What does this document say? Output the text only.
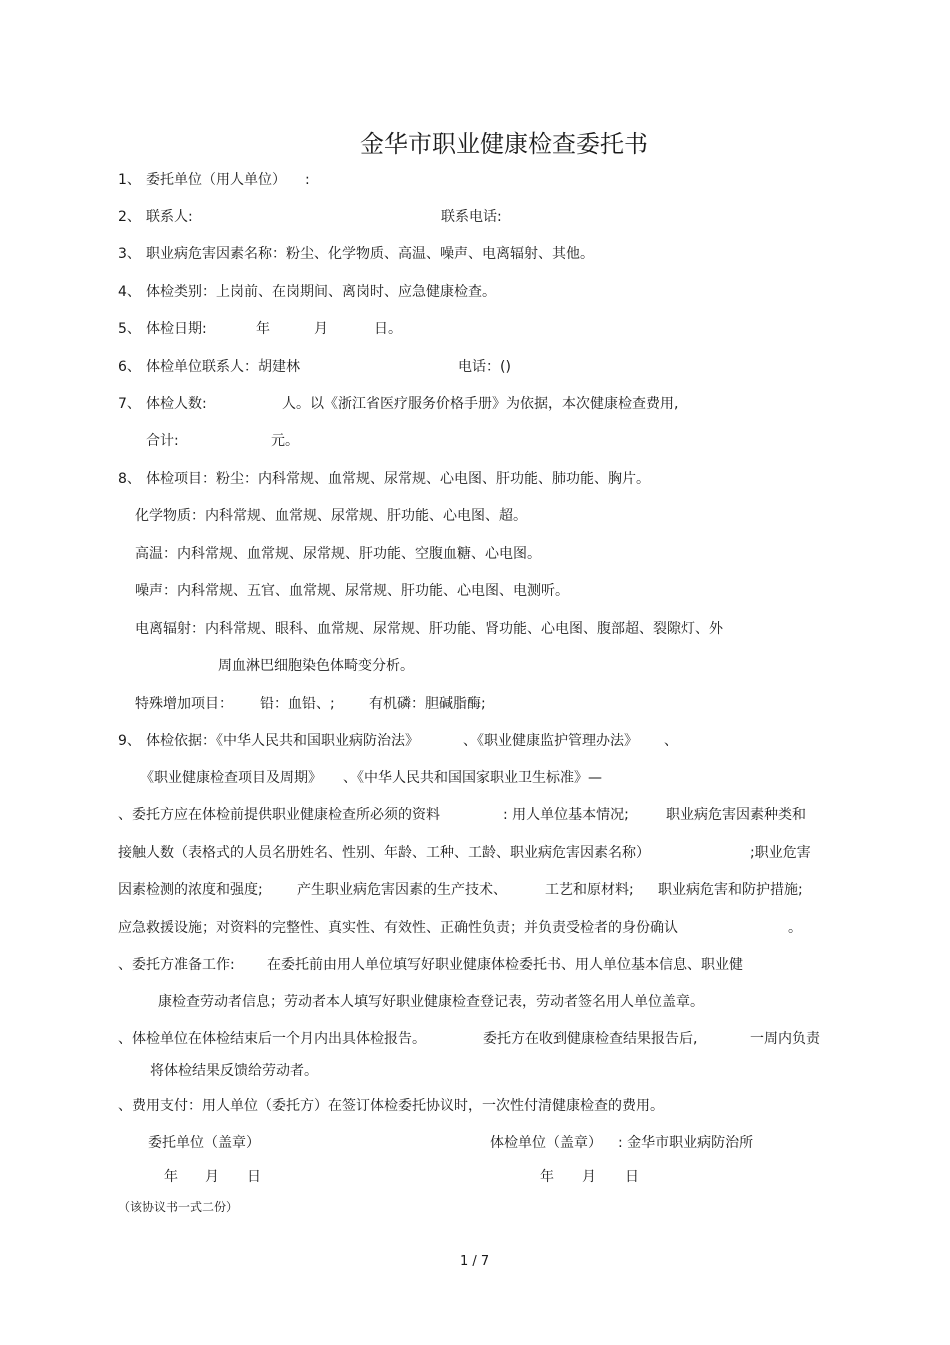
金华市职业健康检查委托书
1、 委托单位（用人单位） :
2、 联系人:	联系电话:
3、 职业病危害因素名称：粉尘、化学物质、高温、噪声、电离辐射、其他。
4、 体检类别：上岗前、在岗期间、离岗时、应急健康检查。
5、 体检日期:	年	月	日。
6、 体检单位联系人：胡建林	电话：()
7、 体检人数:	人。以《浙江省医疗服务价格手册》为依据，本次健康检查费用,
合计:	元。
8、 体检项目：粉尘：内科常规、血常规、尿常规、心电图、肝功能、肺功能、胸片。
化学物质：内科常规、血常规、尿常规、肝功能、心电图、超。
高温：内科常规、血常规、尿常规、肝功能、空腹血糖、心电图。
噪声：内科常规、五官、血常规、尿常规、肝功能、心电图、电测听。
电离辐射：内科常规、眼科、血常规、尿常规、肝功能、肾功能、心电图、腹部超、裂隙灯、外
周血淋巴细胞染色体畸变分析。
特殊增加项目： 铅：血铅、; 有机磷：胆碱脂酶;
9、 体检依据：《中华人民共和国职业病防治法》	、《职业健康监护管理办法》 、
《职业健康检查项目及周期》 、《中华人民共和国国家职业卫生标准》—
、委托方应在体检前提供职业健康检查所必须的资料	: 用人单位基本情况;	职业病危害因素种类和
接触人数（表格式的人员名册姓名、性别、年龄、工种、工龄、职业病危害因素名称）	;职业危害
因素检测的浓度和强度; 产生职业病危害因素的生产技术、	工艺和原材料; 职业病危害和防护措施;
应急救援设施；对资料的完整性、真实性、有效性、正确性负责；并负责受检者的身份确认	。
、委托方准备工作: 在委托前由用人单位填写好职业健康体检委托书、用人单位基本信息、职业健
康检查劳动者信息；劳动者本人填写好职业健康检查登记表，劳动者签名用人单位盖章。
、体检单位在体检结束后一个月内出具体检报告。	委托方在收到健康检查结果报告后,	一周内负责
将体检结果反馈给劳动者。
、费用支付：用人单位（委托方）在签订体检委托协议时，一次性付清健康检查的费用。
委托单位（盖章）	体检单位（盖章） : 金华市职业病防治所
年 月 日	年 月 日
（该协议书一式二份）
1 / 7
